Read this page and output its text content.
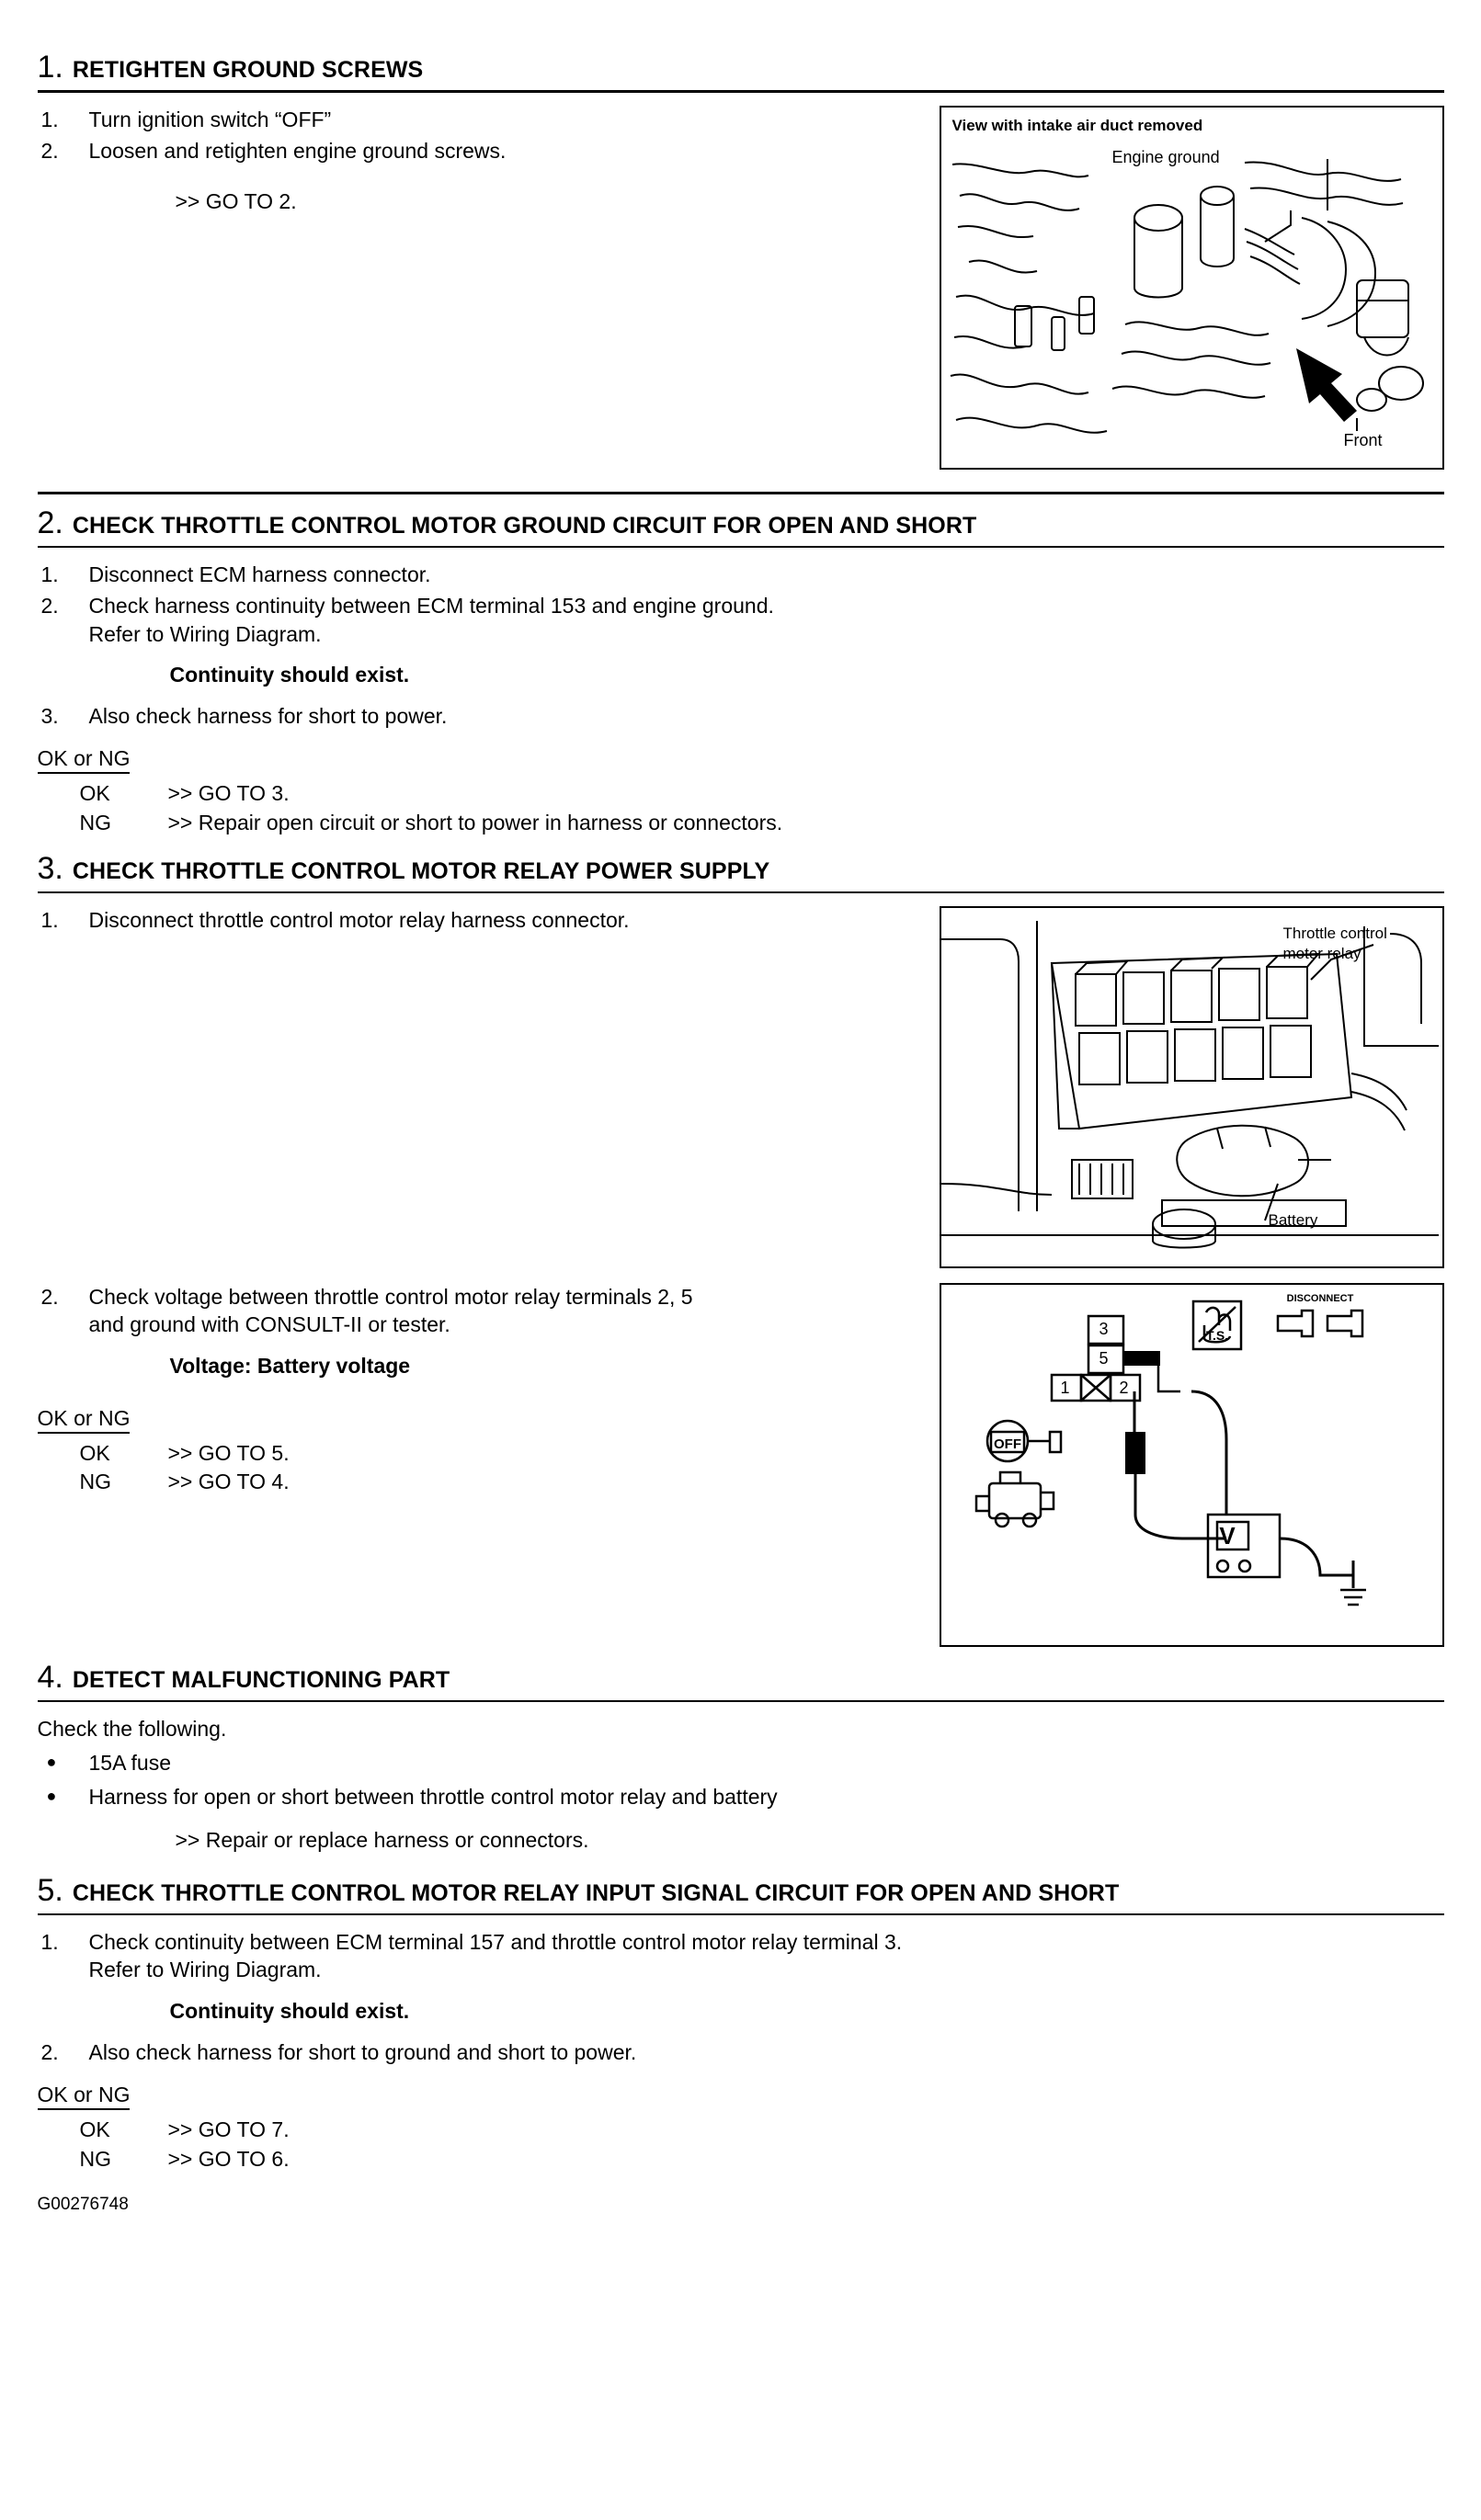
1. RETIGHTEN GROUND SCREWS
1.	Turn ignition switch “OFF”
2.	Loosen and retighten engine ground screws.
>> GO TO 2.
View with intake air duct removed
Engine ground
Front
2. CHECK THROTTLE CONTROL MOTOR GROUND CIRCUIT FOR OPEN AND SHORT
1.	Disconnect ECM harness connector.
2.	Check harness continuity between ECM terminal 153 and engine ground.
Refer to Wiring Diagram.
Continuity should exist.
3.	Also check harness for short to power.
OK or NG
OK	>> GO TO 3.
NG	>> Repair open circuit or short to power in harness or connectors.
3. CHECK THROTTLE CONTROL MOTOR RELAY POWER SUPPLY
1.	Disconnect throttle control motor relay harness connector.
Throttle control
motor relay
Battery
2.	Check voltage between throttle control motor relay terminals 2, 5
and ground with CONSULT-II or tester.
Voltage: Battery voltage
OK or NG
OK	>> GO TO 5.
NG	>> GO TO 4.
V
T.S.
DISCONNECT
OFF
3
5
1	2
4. DETECT MALFUNCTIONING PART
Check the following.
●	15A fuse
●	Harness for open or short between throttle control motor relay and battery
>> Repair or replace harness or connectors.
5. CHECK THROTTLE CONTROL MOTOR RELAY INPUT SIGNAL CIRCUIT FOR OPEN AND SHORT
1.	Check continuity between ECM terminal 157 and throttle control motor relay terminal 3.
Refer to Wiring Diagram.
Continuity should exist.
2.	Also check harness for short to ground and short to power.
OK or NG
OK	>> GO TO 7.
NG	>> GO TO 6.
G00276748
